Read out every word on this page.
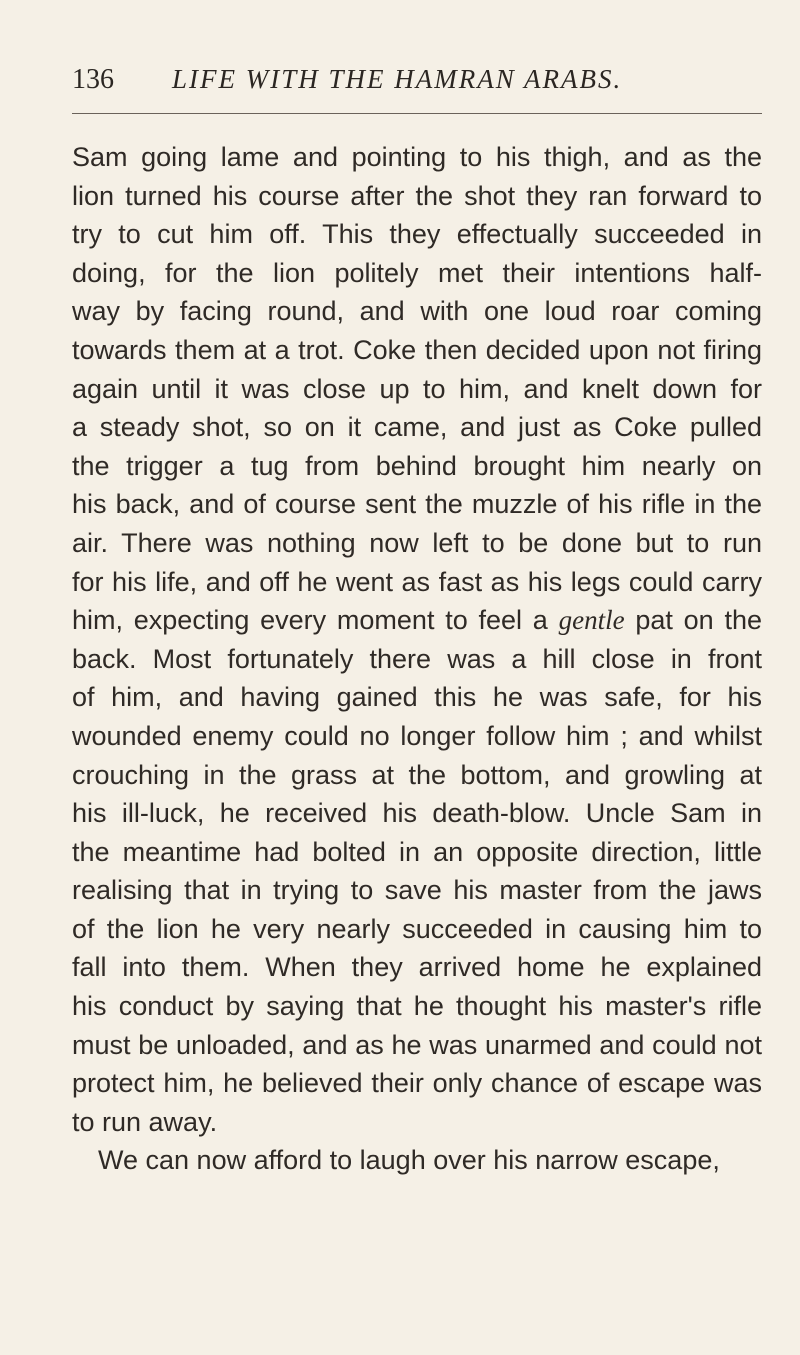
136 LIFE WITH THE HAMRAN ARABS.
Sam going lame and pointing to his thigh, and as the
lion turned his course after the shot they ran forward to
try to cut him off. This they effectually succeeded in
doing, for the lion politely met their intentions half-
way by facing round, and with one loud roar coming
towards them at a trot. Coke then decided upon not firing
again until it was close up to him, and knelt down for
a steady shot, so on it came, and just as Coke pulled
the trigger a tug from behind brought him nearly on
his back, and of course sent the muzzle of his rifle in the
air. There was nothing now left to be done but to run
for his life, and off he went as fast as his legs could carry
him, expecting every moment to feel a gentle pat on the
back. Most fortunately there was a hill close in front
of him, and having gained this he was safe, for his
wounded enemy could no longer follow him ; and whilst
crouching in the grass at the bottom, and growling at
his ill-luck, he received his death-blow. Uncle Sam in
the meantime had bolted in an opposite direction, little
realising that in trying to save his master from the jaws
of the lion he very nearly succeeded in causing him to
fall into them. When they arrived home he explained
his conduct by saying that he thought his master's rifle
must be unloaded, and as he was unarmed and could not
protect him, he believed their only chance of escape was
to run away.
We can now afford to laugh over his narrow escape,
